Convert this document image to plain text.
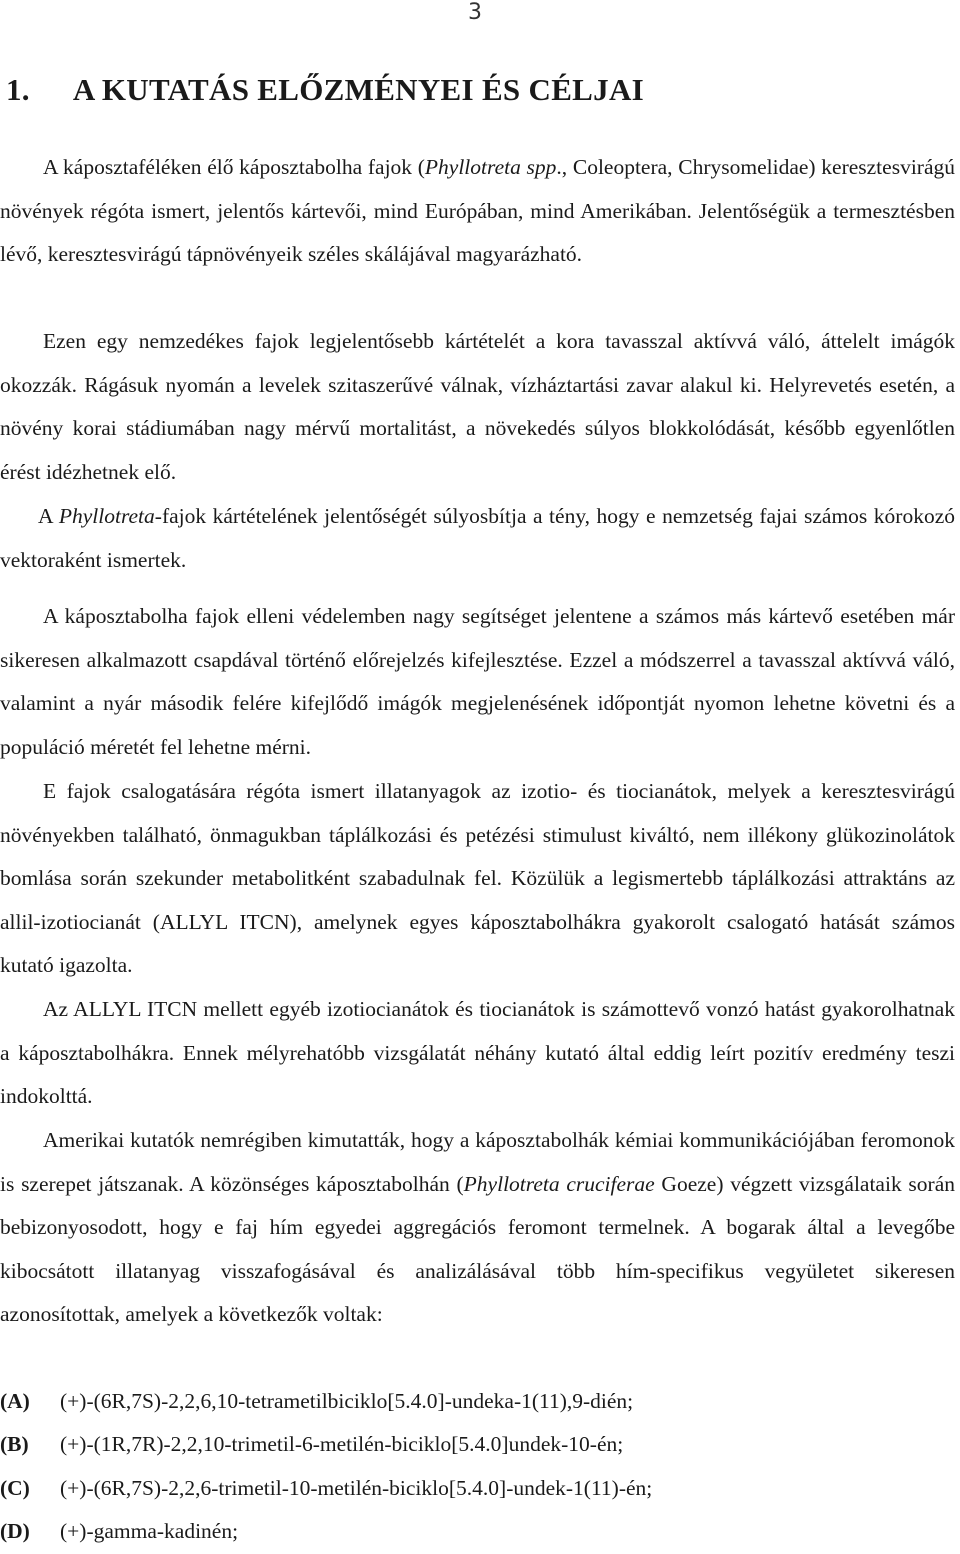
3
1. A KUTATÁS ELŐZMÉNYEI ÉS CÉLJAI

A káposztaféléken élő káposztabolha fajok (Phyllotreta spp., Coleoptera, Chrysomelidae) keresztesvirágú növények régóta ismert, jelentős kártevői, mind Európában, mind Amerikában. Jelentőségük a termesztésben lévő, keresztesvirágú tápnövényeik széles skálájával magyarázható.

Ezen egy nemzedékes fajok legjelentősebb kártételét a kora tavasszal aktívvá váló, áttelelt imágók okozzák. Rágásuk nyomán a levelek szitaszerűvé válnak, vízháztartási zavar alakul ki. Helyrevetés esetén, a növény korai stádiumában nagy mérvű mortalitást, a növekedés súlyos blokkolódását, később egyenlőtlen érést idézhetnek elő.

A Phyllotreta-fajok kártételének jelentőségét súlyosbítja a tény, hogy e nemzetség fajai számos kórokozó vektoraként ismertek.

A káposztabolha fajok elleni védelemben nagy segítséget jelentene a számos más kártevő esetében már sikeresen alkalmazott csapdával történő előrejelzés kifejlesztése. Ezzel a módszerrel a tavasszal aktívvá váló, valamint a nyár második felére kifejlődő imágók megjelenésének időpontját nyomon lehetne követni és a populáció méretét fel lehetne mérni.

E fajok csalogatására régóta ismert illatanyagok az izotio- és tiocianátok, melyek a keresztesvirágú növényekben található, önmagukban táplálkozási és petézési stimulust kiváltó, nem illékony glükozinolátok bomlása során szekunder metabolitként szabadulnak fel. Közülük a legismertebb táplálkozási attraktáns az allil-izotiocianát (ALLYL ITCN), amelynek egyes káposztabolhákra gyakorolt csalogató hatását számos kutató igazolta.

Az ALLYL ITCN mellett egyéb izotiocianátok és tiocianátok is számottevő vonzó hatást gyakorolhatnak a káposztabolhákra. Ennek mélyrehatóbb vizsgálatát néhány kutató által eddig leírt pozitív eredmény teszi indokolttá.

Amerikai kutatók nemrégiben kimutatták, hogy a káposztabolhák kémiai kommunikációjában feromonok is szerepet játszanak. A közönséges káposztabolhán (Phyllotreta cruciferae Goeze) végzett vizsgálataik során bebizonyosodott, hogy e faj hím egyedei aggregációs feromont termelnek. A bogarak által a levegőbe kibocsátott illatanyag visszafogásával és analizálásával több hím-specifikus vegyületet sikeresen azonosítottak, amelyek a következők voltak:

(A) (+)-(6R,7S)-2,2,6,10-tetrametilbiciklo[5.4.0]-undeka-1(11),9-dién;
(B) (+)-(1R,7R)-2,2,10-trimetil-6-metilén-biciklo[5.4.0]undek-10-én;
(C) (+)-(6R,7S)-2,2,6-trimetil-10-metilén-biciklo[5.4.0]-undek-1(11)-én;
(D) (+)-gamma-kadinén;
